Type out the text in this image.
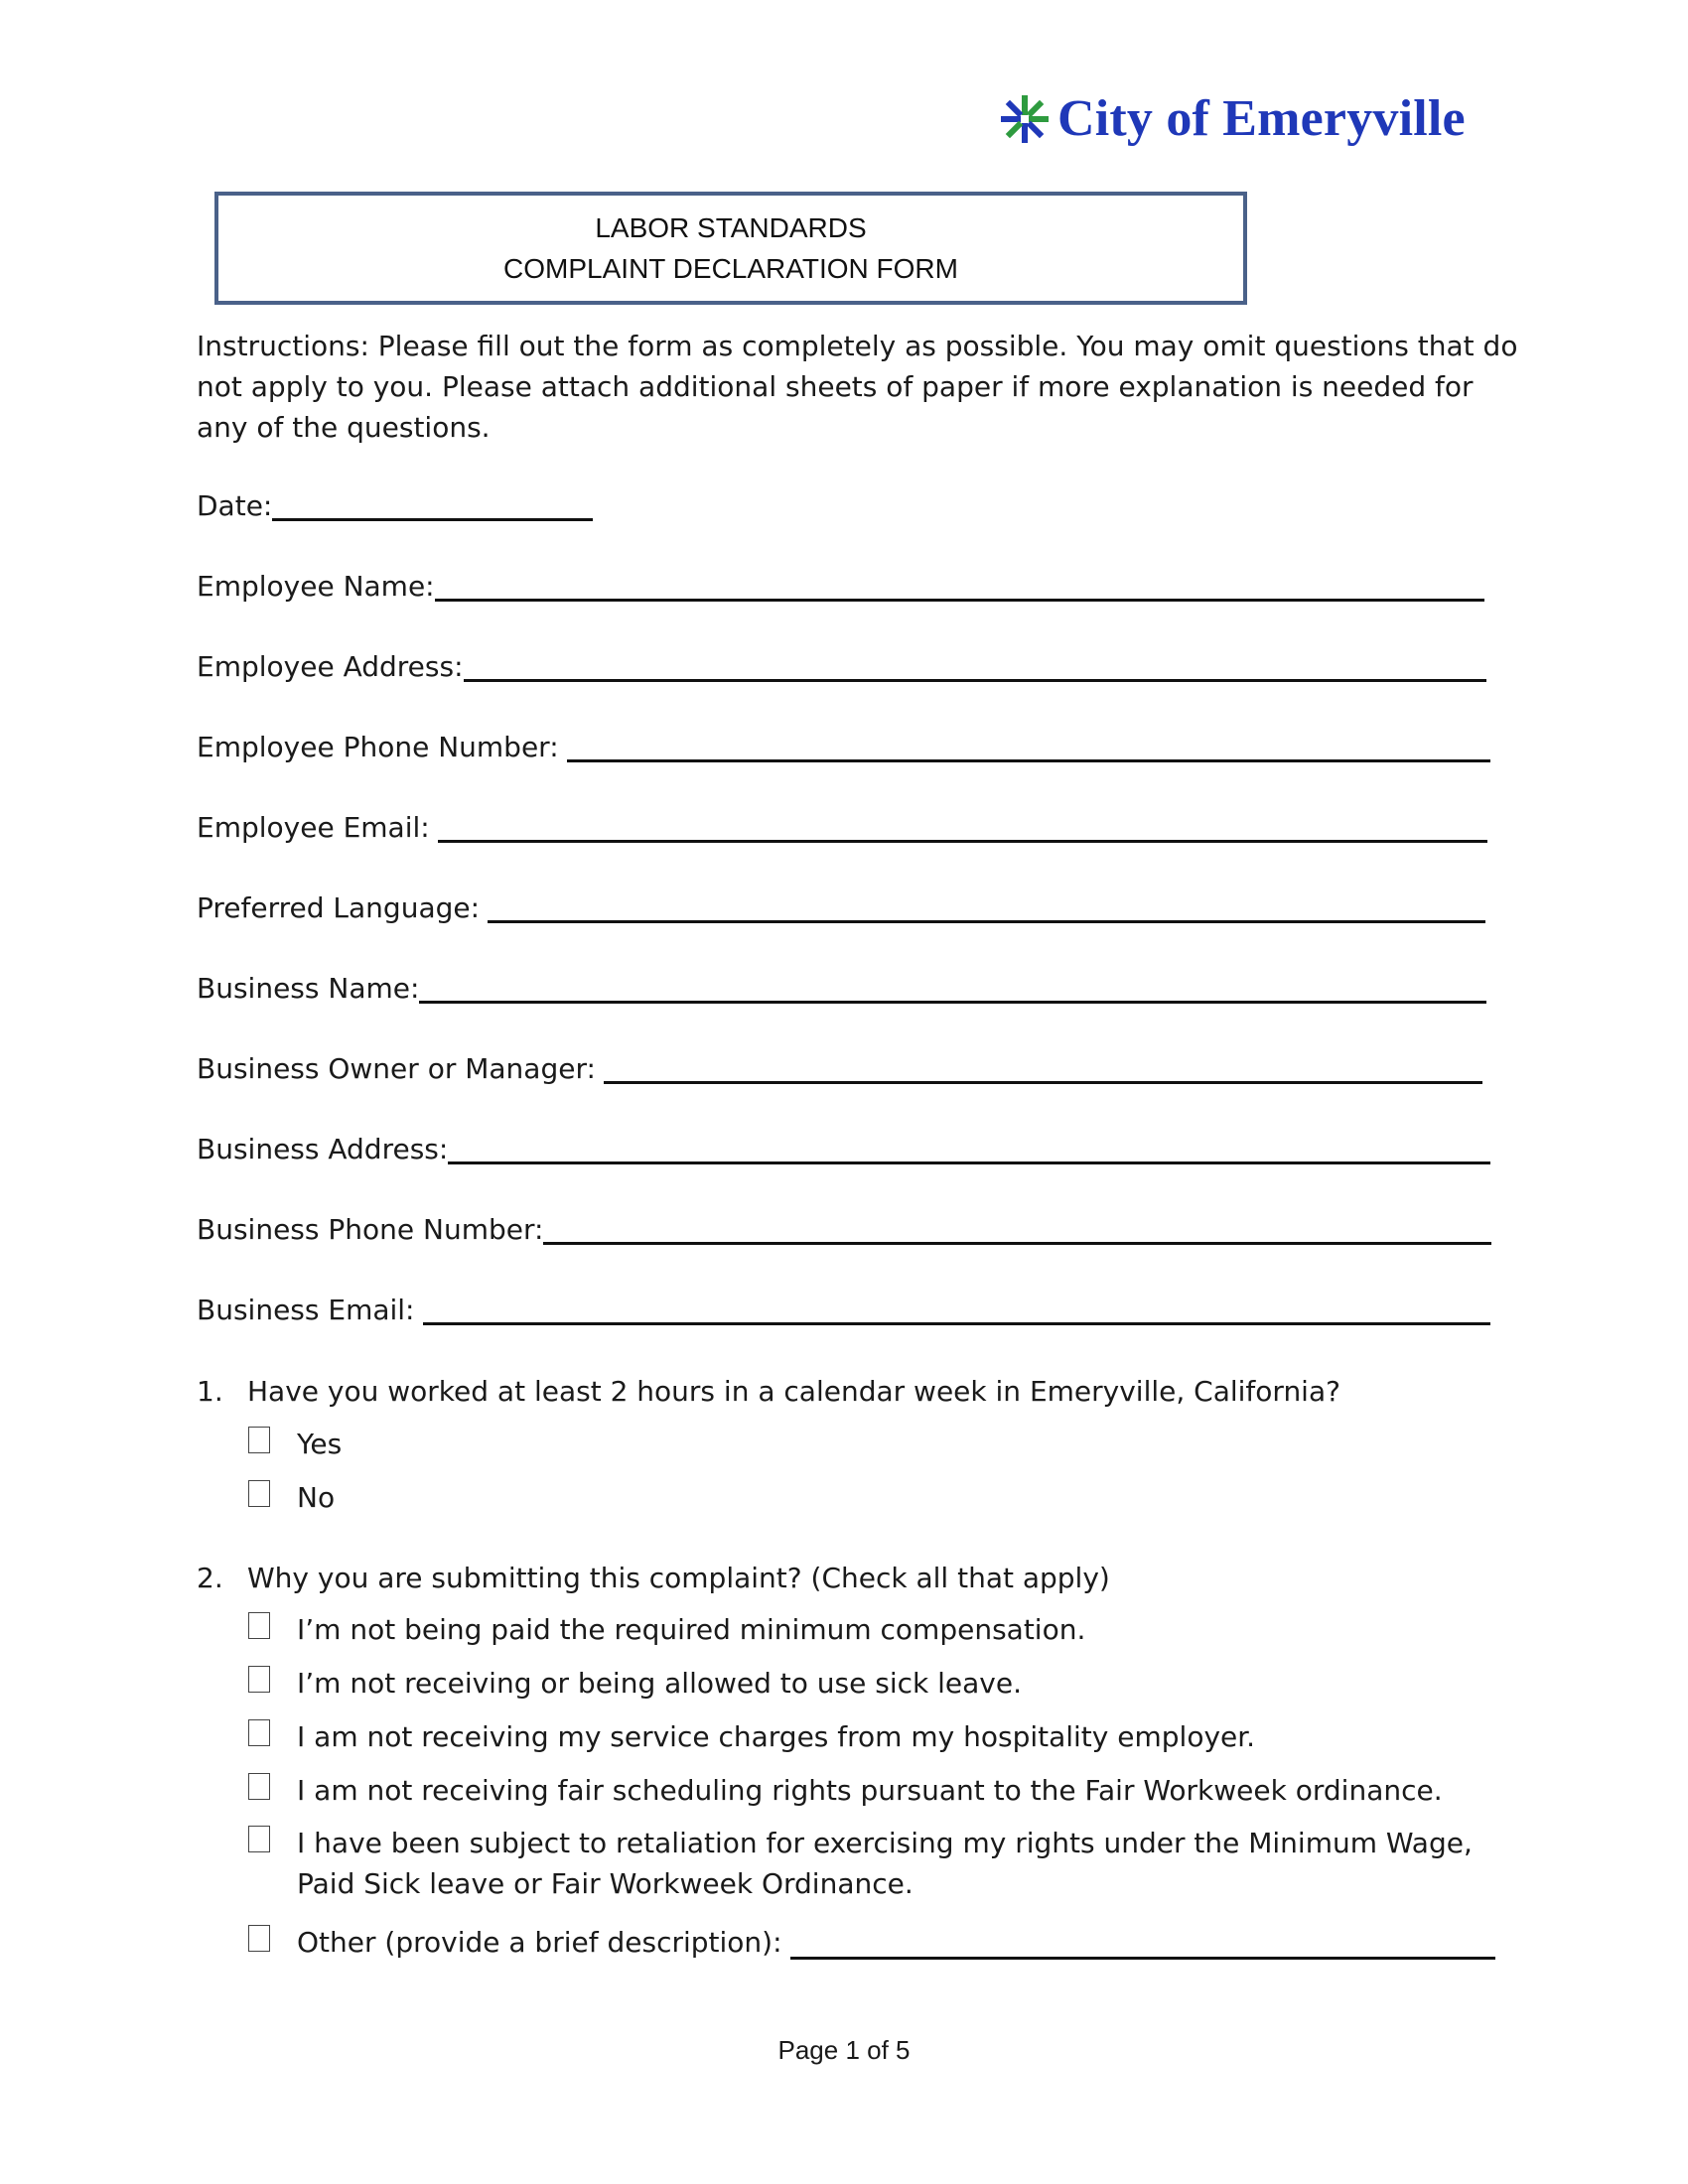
City of Emeryville
LABOR STANDARDS
COMPLAINT DECLARATION FORM
Instructions: Please fill out the form as completely as possible. You may omit questions that do
not apply to you. Please attach additional sheets of paper if more explanation is needed for
any of the questions.
Date:
Employee Name:
Employee Address:
Employee Phone Number:
Employee Email:
Preferred Language:
Business Name:
Business Owner or Manager:
Business Address:
Business Phone Number:
Business Email:
1. Have you worked at least 2 hours in a calendar week in Emeryville, California?
Yes
No
2. Why you are submitting this complaint? (Check all that apply)
I’m not being paid the required minimum compensation.
I’m not receiving or being allowed to use sick leave.
I am not receiving my service charges from my hospitality employer.
I am not receiving fair scheduling rights pursuant to the Fair Workweek ordinance.
I have been subject to retaliation for exercising my rights under the Minimum Wage,
Paid Sick leave or Fair Workweek Ordinance.
Other (provide a brief description):
Page 1 of 5
